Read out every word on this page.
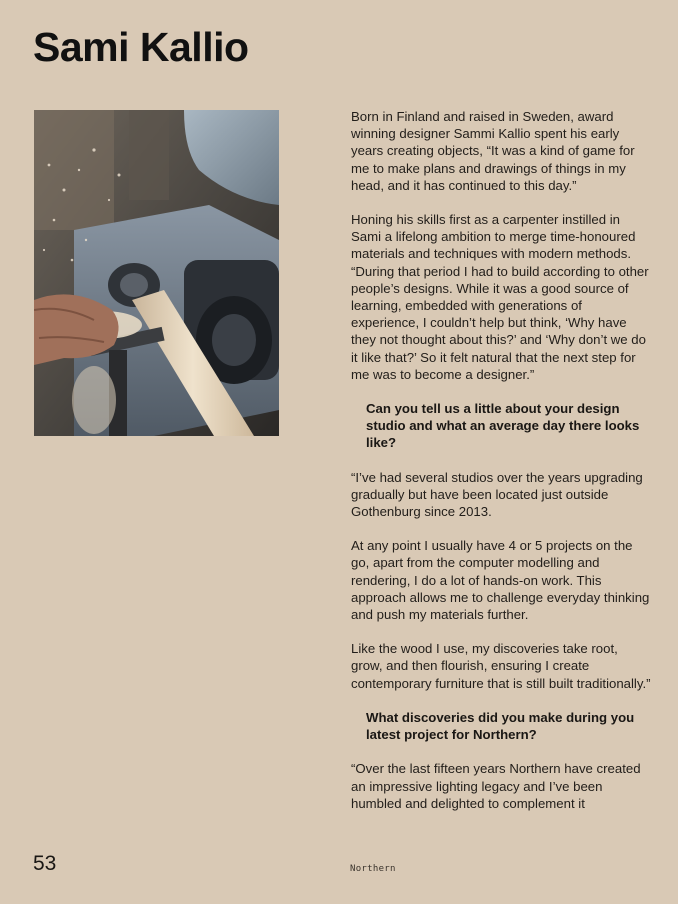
Sami Kallio

Born in Finland and raised in Sweden, award winning designer Sammi Kallio spent his early years creating objects, “It was a kind of game for me to make plans and drawings of things in my head, and it has continued to this day.”

Honing his skills first as a carpenter instilled in Sami a lifelong ambition to merge time-honoured materials and techniques with modern methods. “During that period I had to build according to other people’s designs. While it was a good source of learning, embedded with generations of experience, I couldn’t help but think, ‘Why have they not thought about this?’ and ‘Why don’t we do it like that?’ So it felt natural that the next step for me was to become a designer.”

Can you tell us a little about your design studio and what an average day there looks like?

“I’ve had several studios over the years upgrading gradually but have been located just outside Gothenburg since 2013.

At any point I usually have 4 or 5 projects on the go, apart from the computer modelling and rendering, I do a lot of hands-on work. This approach allows me to challenge everyday thinking and push my materials further.

Like the wood I use, my discoveries take root, grow, and then flourish, ensuring I create contemporary furniture that is still built traditionally.”

What discoveries did you make during you latest project for Northern?

“Over the last fifteen years Northern have created an impressive lighting legacy and I’ve been humbled and delighted to complement it

53	Northern
